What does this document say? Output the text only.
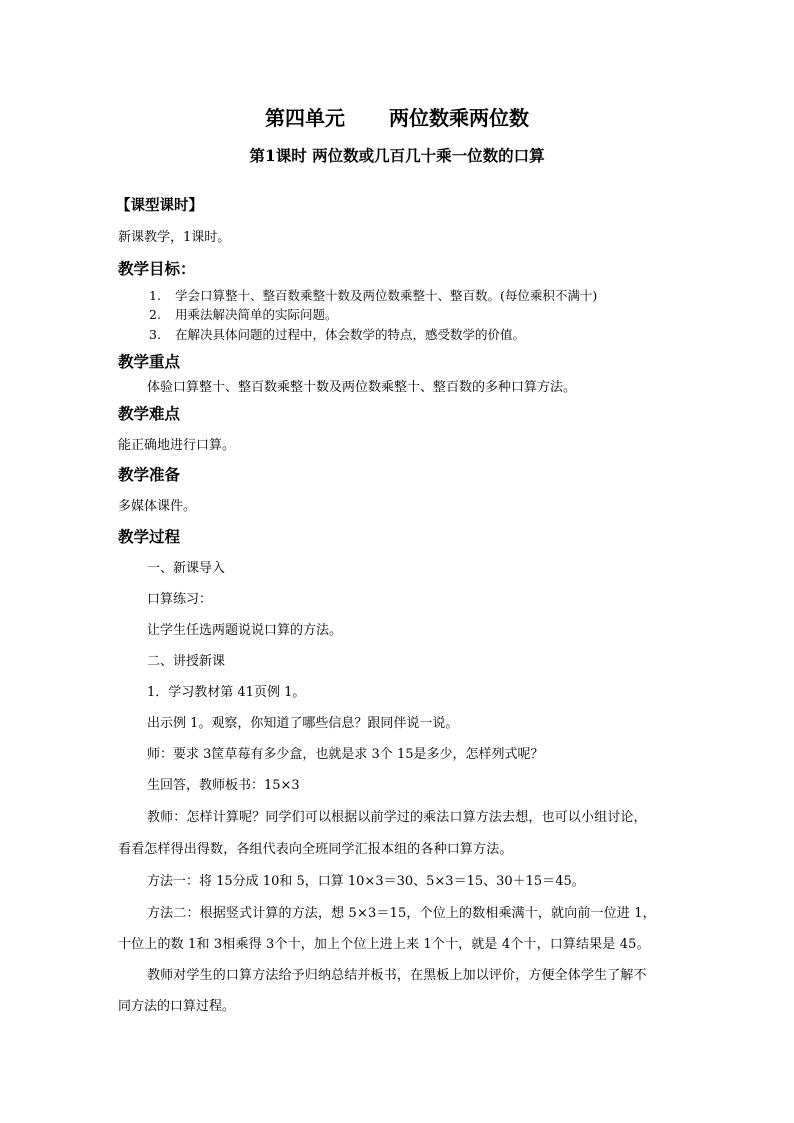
第四单元 两位数乘两位数
第1课时 两位数或几百几十乘一位数的口算
【课型课时】
新课教学，1课时。
教学目标：
1. 学会口算整十、整百数乘整十数及两位数乘整十、整百数。(每位乘积不满十)
2. 用乘法解决简单的实际问题。
3. 在解决具体问题的过程中，体会数学的特点，感受数学的价值。
教学重点
体验口算整十、整百数乘整十数及两位数乘整十、整百数的多种口算方法。
教学难点
能正确地进行口算。
教学准备
多媒体课件。
教学过程
一、新课导入
口算练习：
让学生任选两题说说口算的方法。
二、讲授新课
1．学习教材第 41页例 1。
出示例 1。观察，你知道了哪些信息？跟同伴说一说。
师：要求 3筐草莓有多少盒，也就是求 3个 15是多少，怎样列式呢？
生回答，教师板书：15×3
教师：怎样计算呢？同学们可以根据以前学过的乘法口算方法去想，也可以小组讨论，
看看怎样得出得数，各组代表向全班同学汇报本组的各种口算方法。
方法一：将 15分成 10和 5，口算 10×3＝30、5×3＝15、30＋15＝45。
方法二：根据竖式计算的方法，想 5×3＝15，个位上的数相乘满十，就向前一位进 1，
十位上的数 1和 3相乘得 3个十，加上个位上进上来 1个十，就是 4个十，口算结果是 45。
教师对学生的口算方法给予归纳总结并板书，在黑板上加以评价，方便全体学生了解不
同方法的口算过程。
